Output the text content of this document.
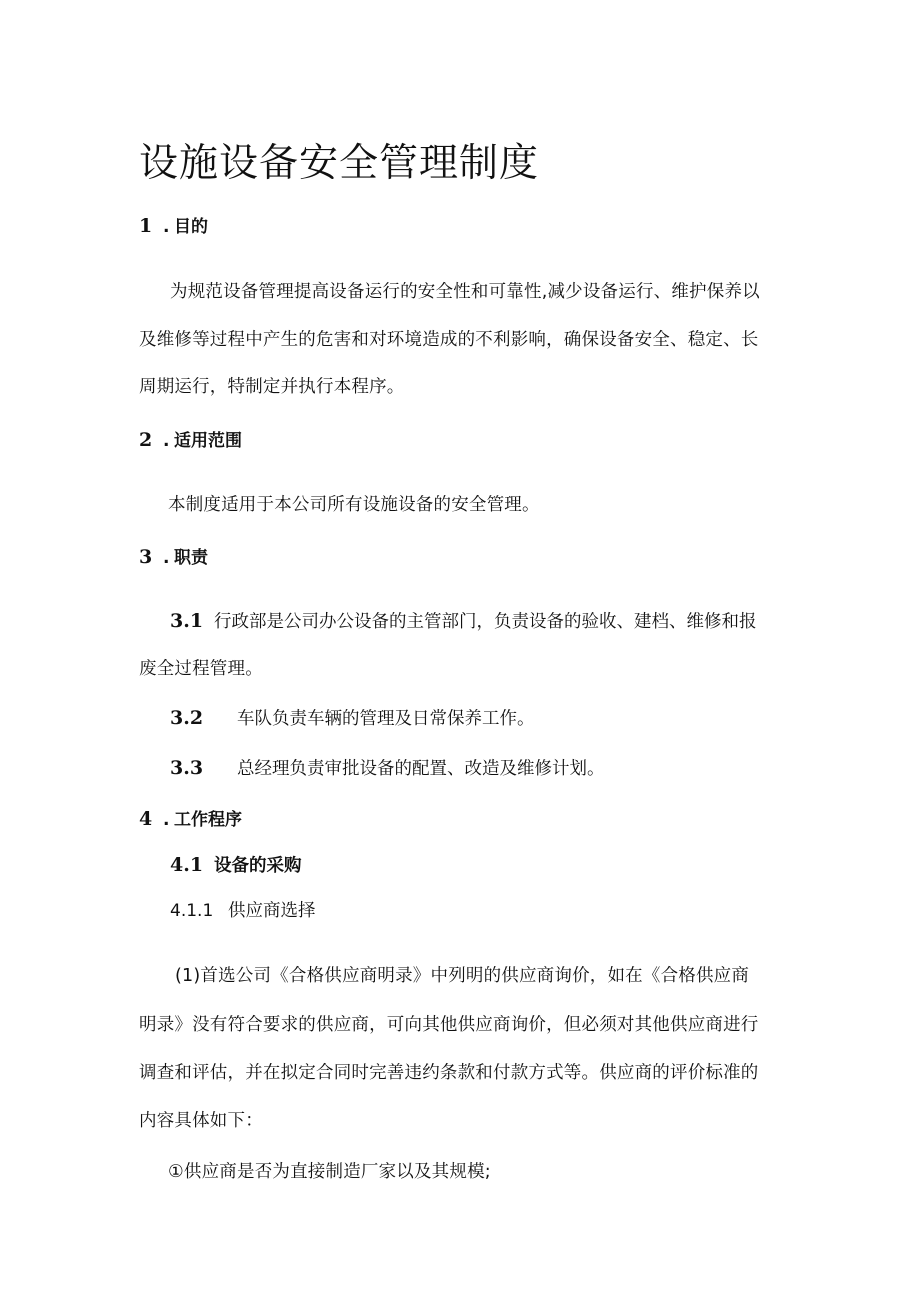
设施设备安全管理制度
1 . 目的
为规范设备管理提高设备运行的安全性和可靠性,减少设备运行、维护保养以
及维修等过程中产生的危害和对环境造成的不利影响，确保设备安全、稳定、长
周期运行，特制定并执行本程序。
2 . 适用范围
本制度适用于本公司所有设施设备的安全管理。
3 . 职责
3.1 行政部是公司办公设备的主管部门，负责设备的验收、建档、维修和报
废全过程管理。
3.2 车队负责车辆的管理及日常保养工作。
3.3 总经理负责审批设备的配置、改造及维修计划。
4 . 工作程序
4.1 设备的采购
4.1.1 供应商选择
(1)首选公司《合格供应商明录》中列明的供应商询价，如在《合格供应商
明录》没有符合要求的供应商，可向其他供应商询价，但必须对其他供应商进行
调查和评估，并在拟定合同时完善违约条款和付款方式等。供应商的评价标准的
内容具体如下：
①供应商是否为直接制造厂家以及其规模;
